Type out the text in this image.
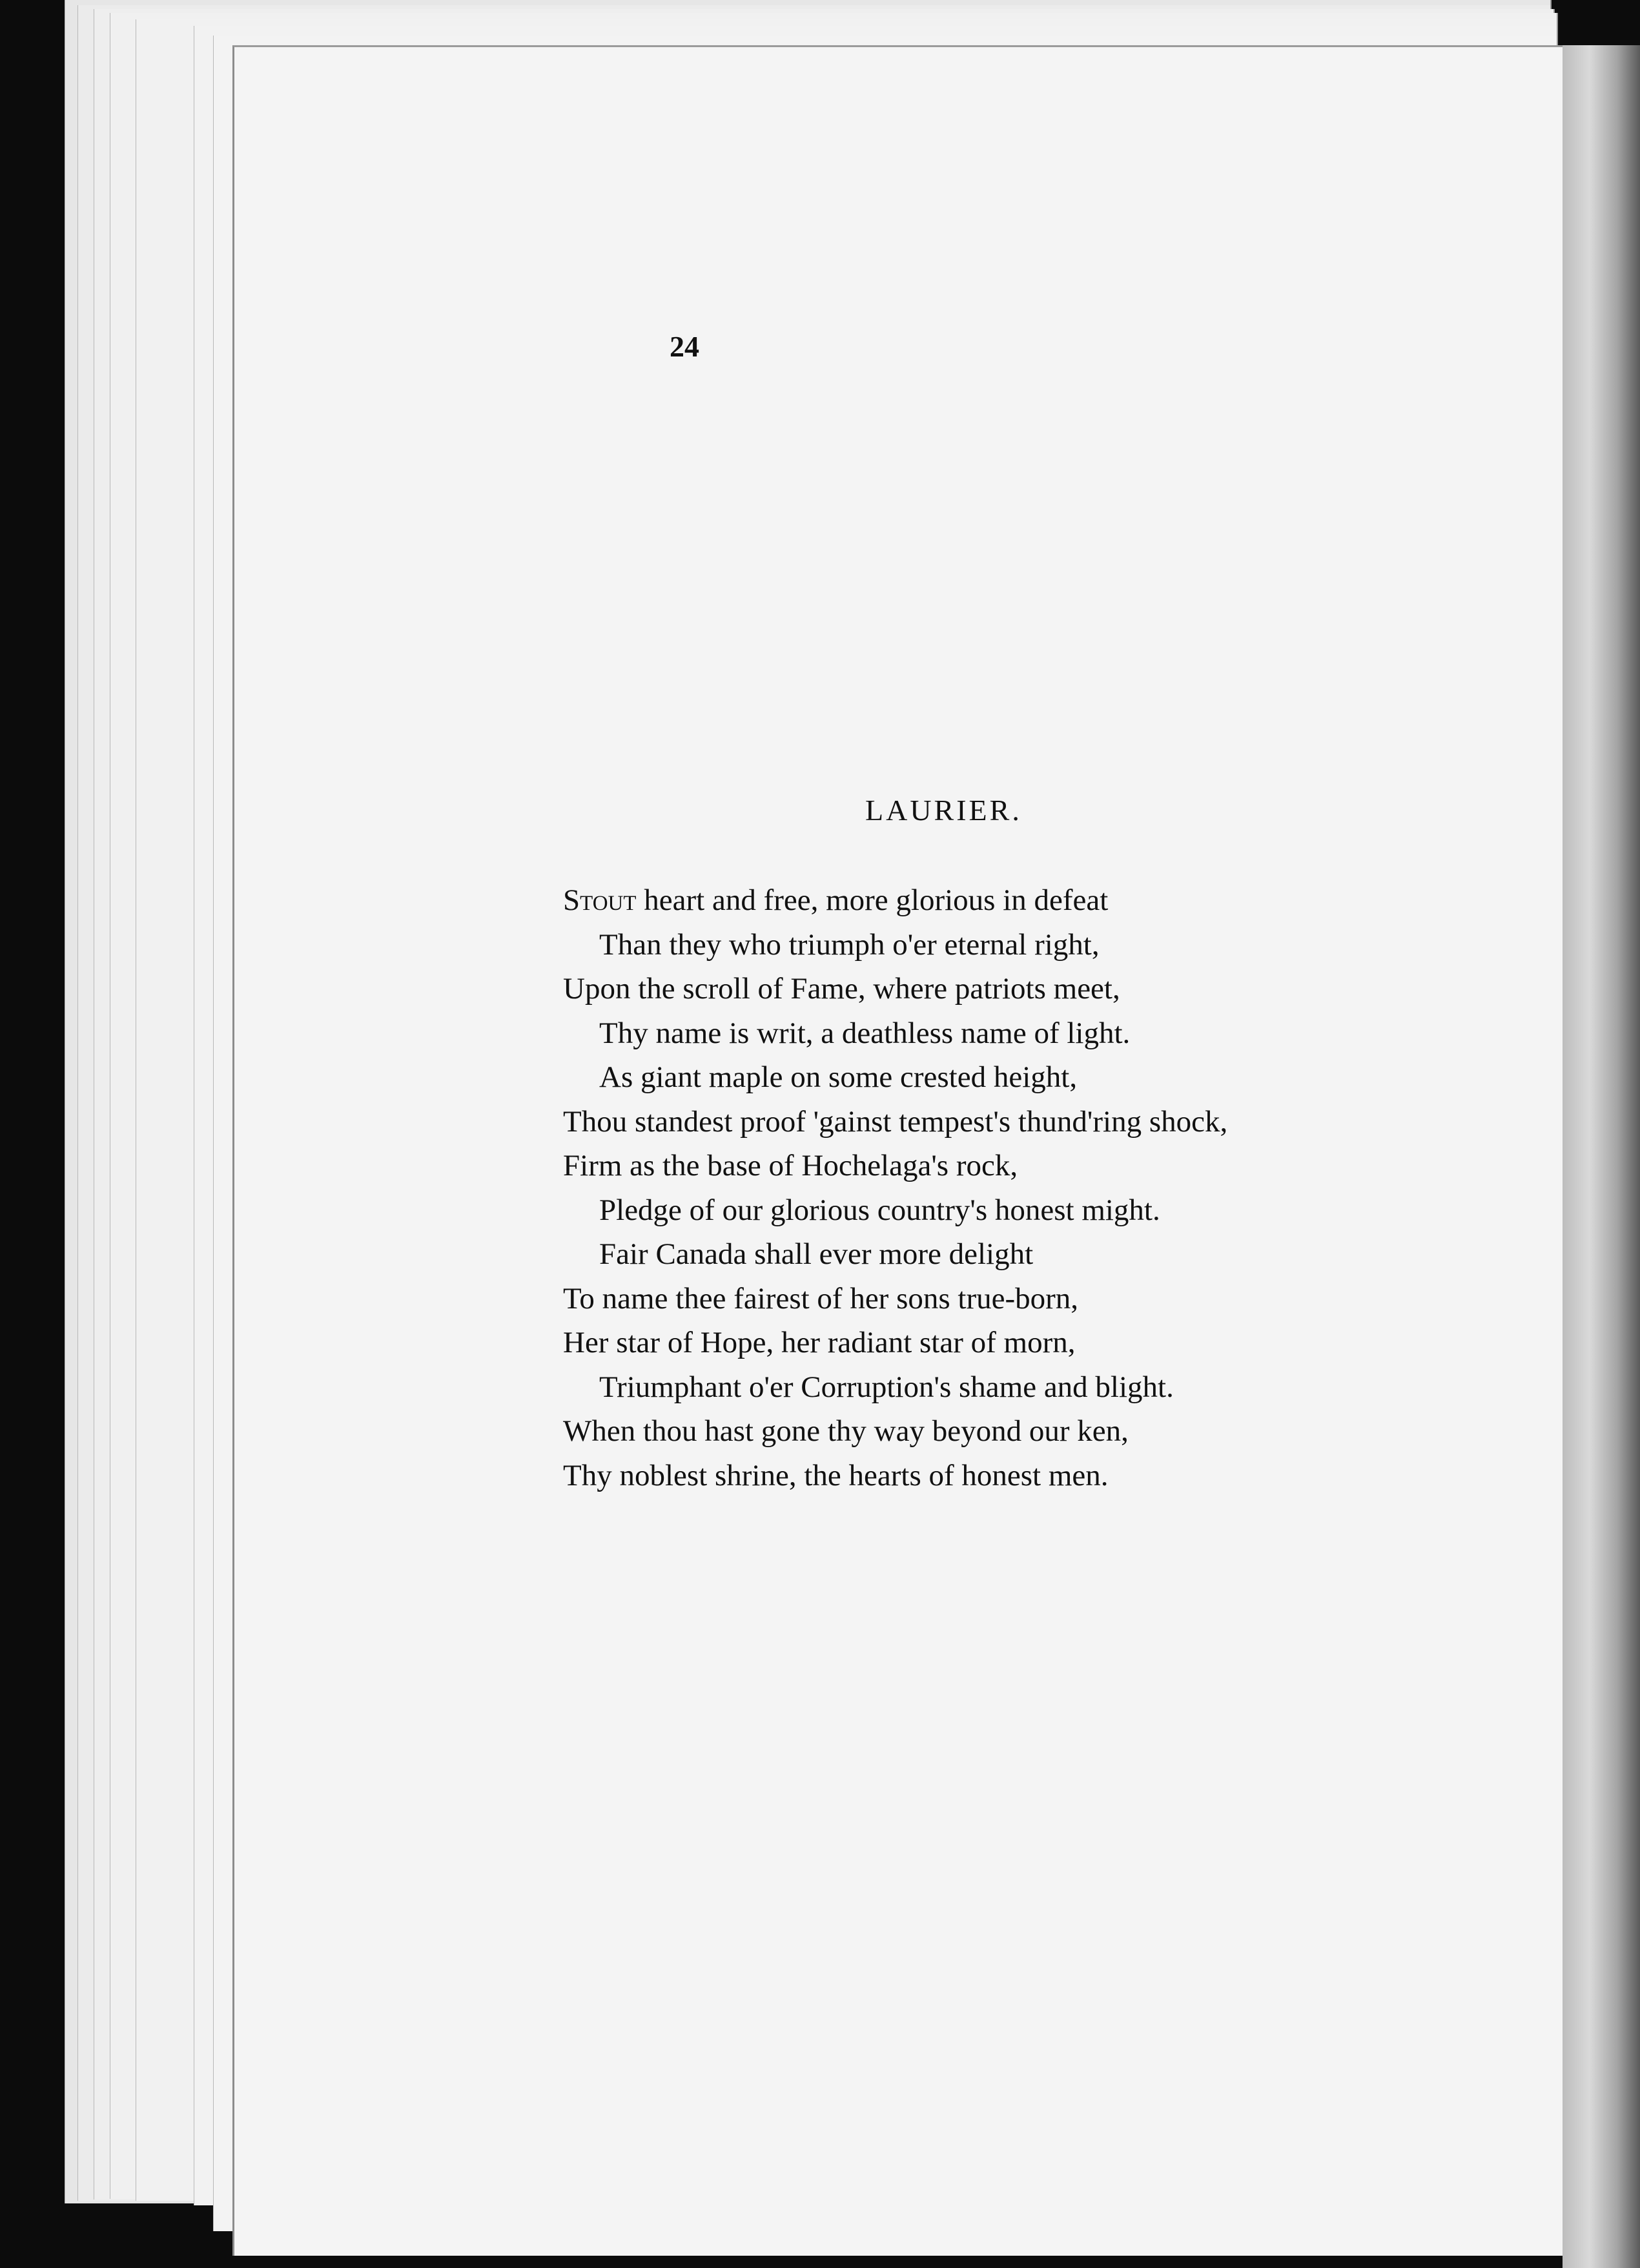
24
LAURIER.
Stout heart and free, more glorious in defeat
Than they who triumph o'er eternal right,
Upon the scroll of Fame, where patriots meet,
Thy name is writ, a deathless name of light.
As giant maple on some crested height,
Thou standest proof 'gainst tempest's thund'ring shock,
Firm as the base of Hochelaga's rock,
Pledge of our glorious country's honest might.
Fair Canada shall ever more delight
To name thee fairest of her sons true-born,
Her star of Hope, her radiant star of morn,
Triumphant o'er Corruption's shame and blight.
When thou hast gone thy way beyond our ken,
Thy noblest shrine, the hearts of honest men.
